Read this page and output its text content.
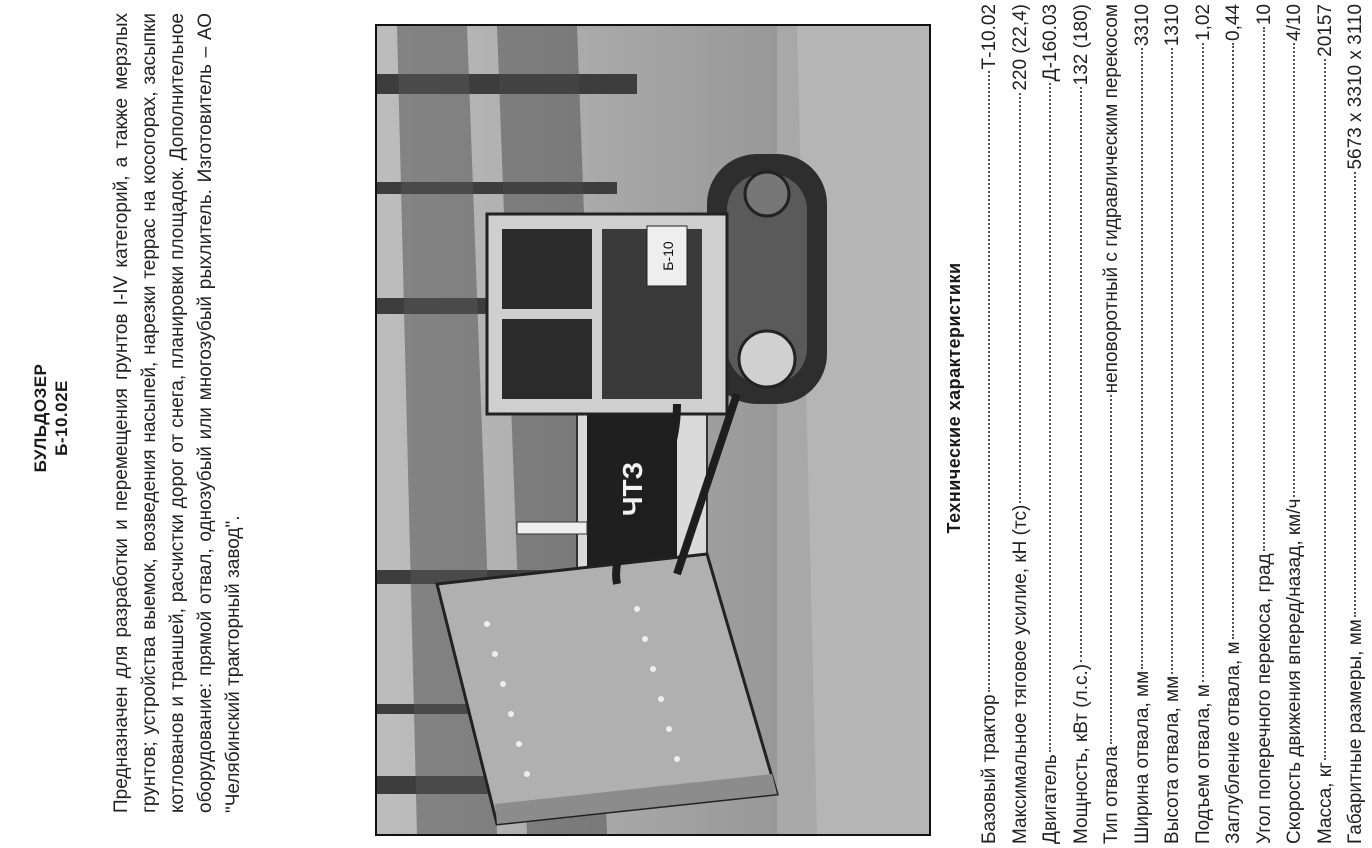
БУЛЬДОЗЕР Б-10.02Е Предназначен для разработки и перемещения грунтов I-IV категорий, а также мерзлых грунтов; устройства выемок, возведения насыпей, нарезки террас на косогорах, засыпки котлованов и траншей, расчистки дорог от снега, планировки площадок. Дополнительное оборудование: прямой отвал, однозубый или многозубый рыхлитель. Изготовитель – АО "Челябинский тракторный завод".
ЧТЗ
Б-10
Технические характеристики
Базовый трактор
Т-10.02
Максимальное тяговое усилие, кН (тс)
220 (22,4)
Двигатель
Д-160.03
Мощность, кВт (л.с.)
132 (180)
Тип отвала
неповоротный с гидравлическим перекосом
Ширина отвала, мм
3310
Высота отвала, мм
1310
Подъем отвала, м
1,02
Заглубление отвала, м
0,44
Угол поперечного перекоса, град
10
Скорость движения вперед/назад, км/ч
4/10
Масса, кг
20157
Габаритные размеры, мм
5673 х 3310 х 3110
